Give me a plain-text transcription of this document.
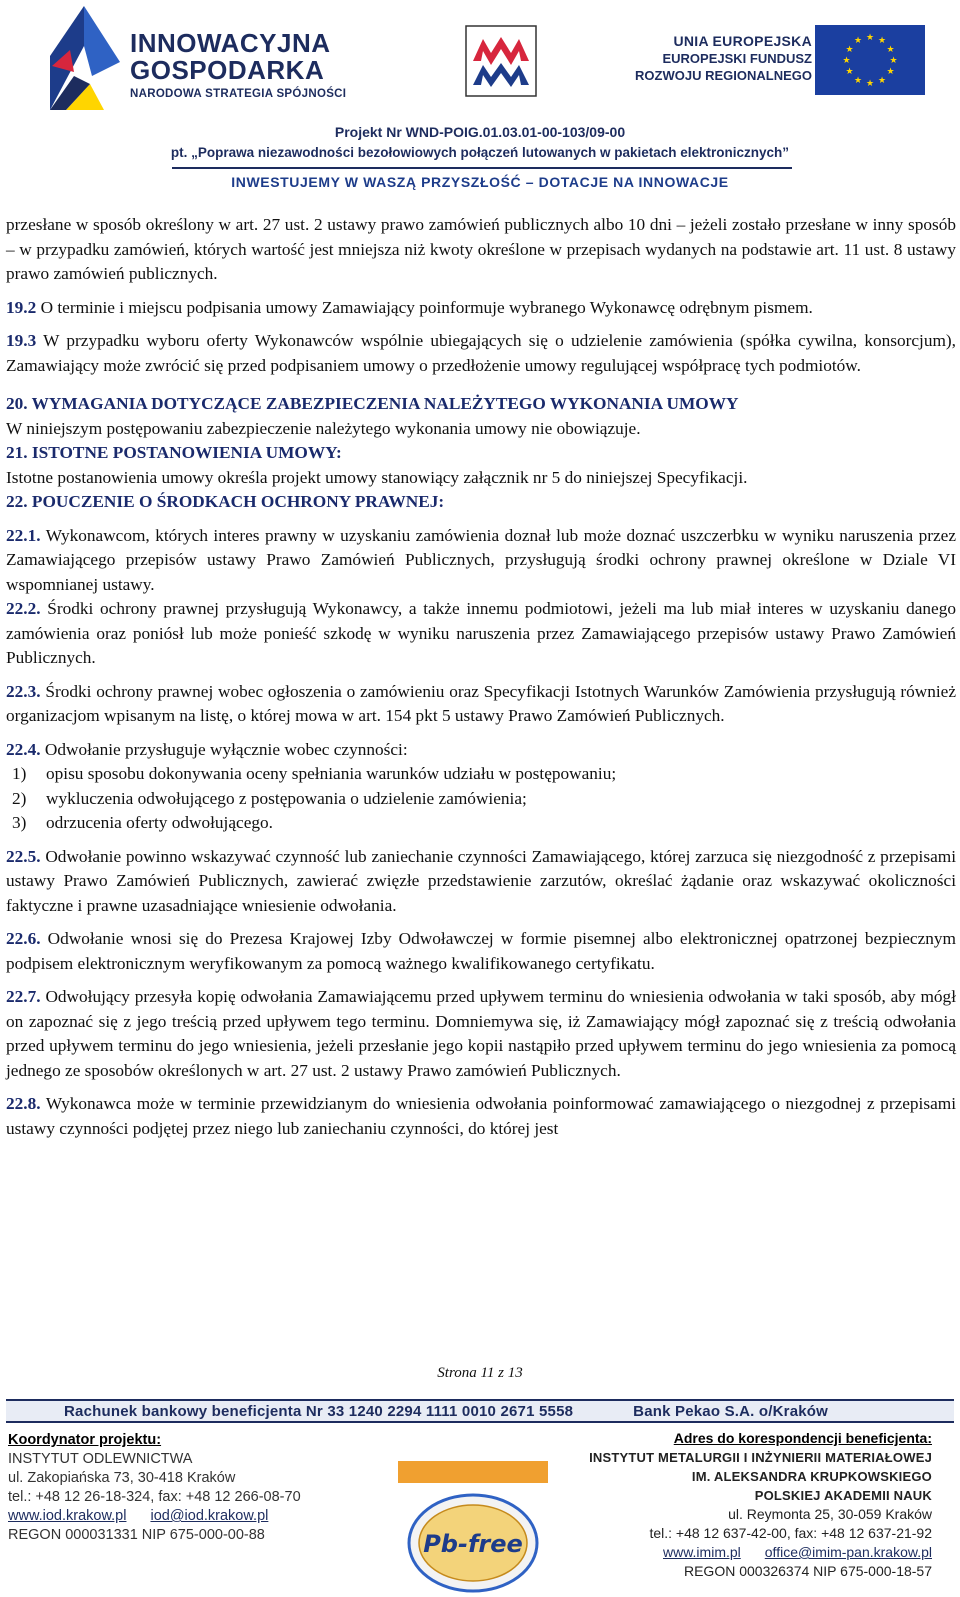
INNOWACYJNA
GOSPODARKA
NARODOWA STRATEGIA SPÓJNOŚCI
UNIA EUROPEJSKA
EUROPEJSKI FUNDUSZ
ROZWOJU REGIONALNEGO
★ ★
★
★
★
★
★
★
★
★
★
★
Projekt Nr WND-POIG.01.03.01-00-103/09-00
pt. „Poprawa niezawodności bezołowiowych połączeń lutowanych w pakietach elektronicznych”
INWESTUJEMY W WASZĄ PRZYSZŁOŚĆ – DOTACJE NA INNOWACJE

przesłane w sposób określony w art. 27 ust. 2 ustawy prawo zamówień publicznych albo 10 dni – jeżeli zostało przesłane w inny sposób – w przypadku zamówień, których wartość jest mniejsza niż kwoty określone w przepisach wydanych na podstawie art. 11 ust. 8 ustawy prawo zamówień publicznych.

19.2 O terminie i miejscu podpisania umowy Zamawiający poinformuje wybranego Wykonawcę odrębnym pismem.

19.3 W przypadku wyboru oferty Wykonawców wspólnie ubiegających się o udzielenie zamówienia (spółka cywilna, konsorcjum), Zamawiający może zwrócić się przed podpisaniem umowy o przedłożenie umowy regulującej współpracę tych podmiotów.

20. WYMAGANIA DOTYCZĄCE ZABEZPIECZENIA NALEŻYTEGO WYKONANIA UMOWY

W niniejszym postępowaniu zabezpieczenie należytego wykonania umowy nie obowiązuje.

21. ISTOTNE POSTANOWIENIA UMOWY:

Istotne postanowienia umowy określa projekt umowy stanowiący załącznik nr 5 do niniejszej Specyfikacji.

22. POUCZENIE O ŚRODKACH OCHRONY PRAWNEJ:

22.1. Wykonawcom, których interes prawny w uzyskaniu zamówienia doznał lub może doznać uszczerbku w wyniku naruszenia przez Zamawiającego przepisów ustawy Prawo Zamówień Publicznych, przysługują środki ochrony prawnej określone w Dziale VI wspomnianej ustawy.

22.2. Środki ochrony prawnej przysługują Wykonawcy, a także innemu podmiotowi, jeżeli ma lub miał interes w uzyskaniu danego zamówienia oraz poniósł lub może ponieść szkodę w wyniku naruszenia przez Zamawiającego przepisów ustawy Prawo Zamówień Publicznych.

22.3. Środki ochrony prawnej wobec ogłoszenia o zamówieniu oraz Specyfikacji Istotnych Warunków Zamówienia przysługują również organizacjom wpisanym na listę, o której mowa w art. 154 pkt 5 ustawy Prawo Zamówień Publicznych.

22.4. Odwołanie przysługuje wyłącznie wobec czynności:

1)	opisu sposobu dokonywania oceny spełniania warunków udziału w postępowaniu;
2)	wykluczenia odwołującego z postępowania o udzielenie zamówienia;
3)	odrzucenia oferty odwołującego.

22.5. Odwołanie powinno wskazywać czynność lub zaniechanie czynności Zamawiającego, której zarzuca się niezgodność z przepisami ustawy Prawo Zamówień Publicznych, zawierać zwięzłe przedstawienie zarzutów, określać żądanie oraz wskazywać okoliczności faktyczne i prawne uzasadniające wniesienie odwołania.

22.6. Odwołanie wnosi się do Prezesa Krajowej Izby Odwoławczej w formie pisemnej albo elektronicznej opatrzonej bezpiecznym podpisem elektronicznym weryfikowanym za pomocą ważnego kwalifikowanego certyfikatu.

22.7. Odwołujący przesyła kopię odwołania Zamawiającemu przed upływem terminu do wniesienia odwołania w taki sposób, aby mógł on zapoznać się z jego treścią przed upływem tego terminu. Domniemywa się, iż Zamawiający mógł zapoznać się z treścią odwołania przed upływem terminu do jego wniesienia, jeżeli przesłanie jego kopii nastąpiło przed upływem terminu do jego wniesienia za pomocą jednego ze sposobów określonych w art. 27 ust. 2 ustawy Prawo zamówień Publicznych.

22.8. Wykonawca może w terminie przewidzianym do wniesienia odwołania poinformować zamawiającego o niezgodnej z przepisami ustawy czynności podjętej przez niego lub zaniechaniu czynności, do której jest

Strona 11 z 13
Rachunek bankowy beneficjenta Nr 33 1240 2294 1111 0010 2671 5558	Bank Pekao S.A. o/Kraków
Koordynator projektu:
INSTYTUT ODLEWNICTWA
ul. Zakopiańska 73, 30-418 Kraków
tel.: +48 12 26-18-324, fax: +48 12 266-08-70
www.iod.krakow.pl iod@iod.krakow.pl
REGON 000031331 NIP 675-000-00-88	Pb-free
Adres do korespondencji beneficjenta:
INSTYTUT METALURGII I INŻYNIERII MATERIAŁOWEJ
IM. ALEKSANDRA KRUPKOWSKIEGO
POLSKIEJ AKADEMII NAUK
ul. Reymonta 25, 30-059 Kraków
tel.: +48 12 637-42-00, fax: +48 12 637-21-92
www.imim.pl office@imim-pan.krakow.pl
REGON 000326374 NIP 675-000-18-57
